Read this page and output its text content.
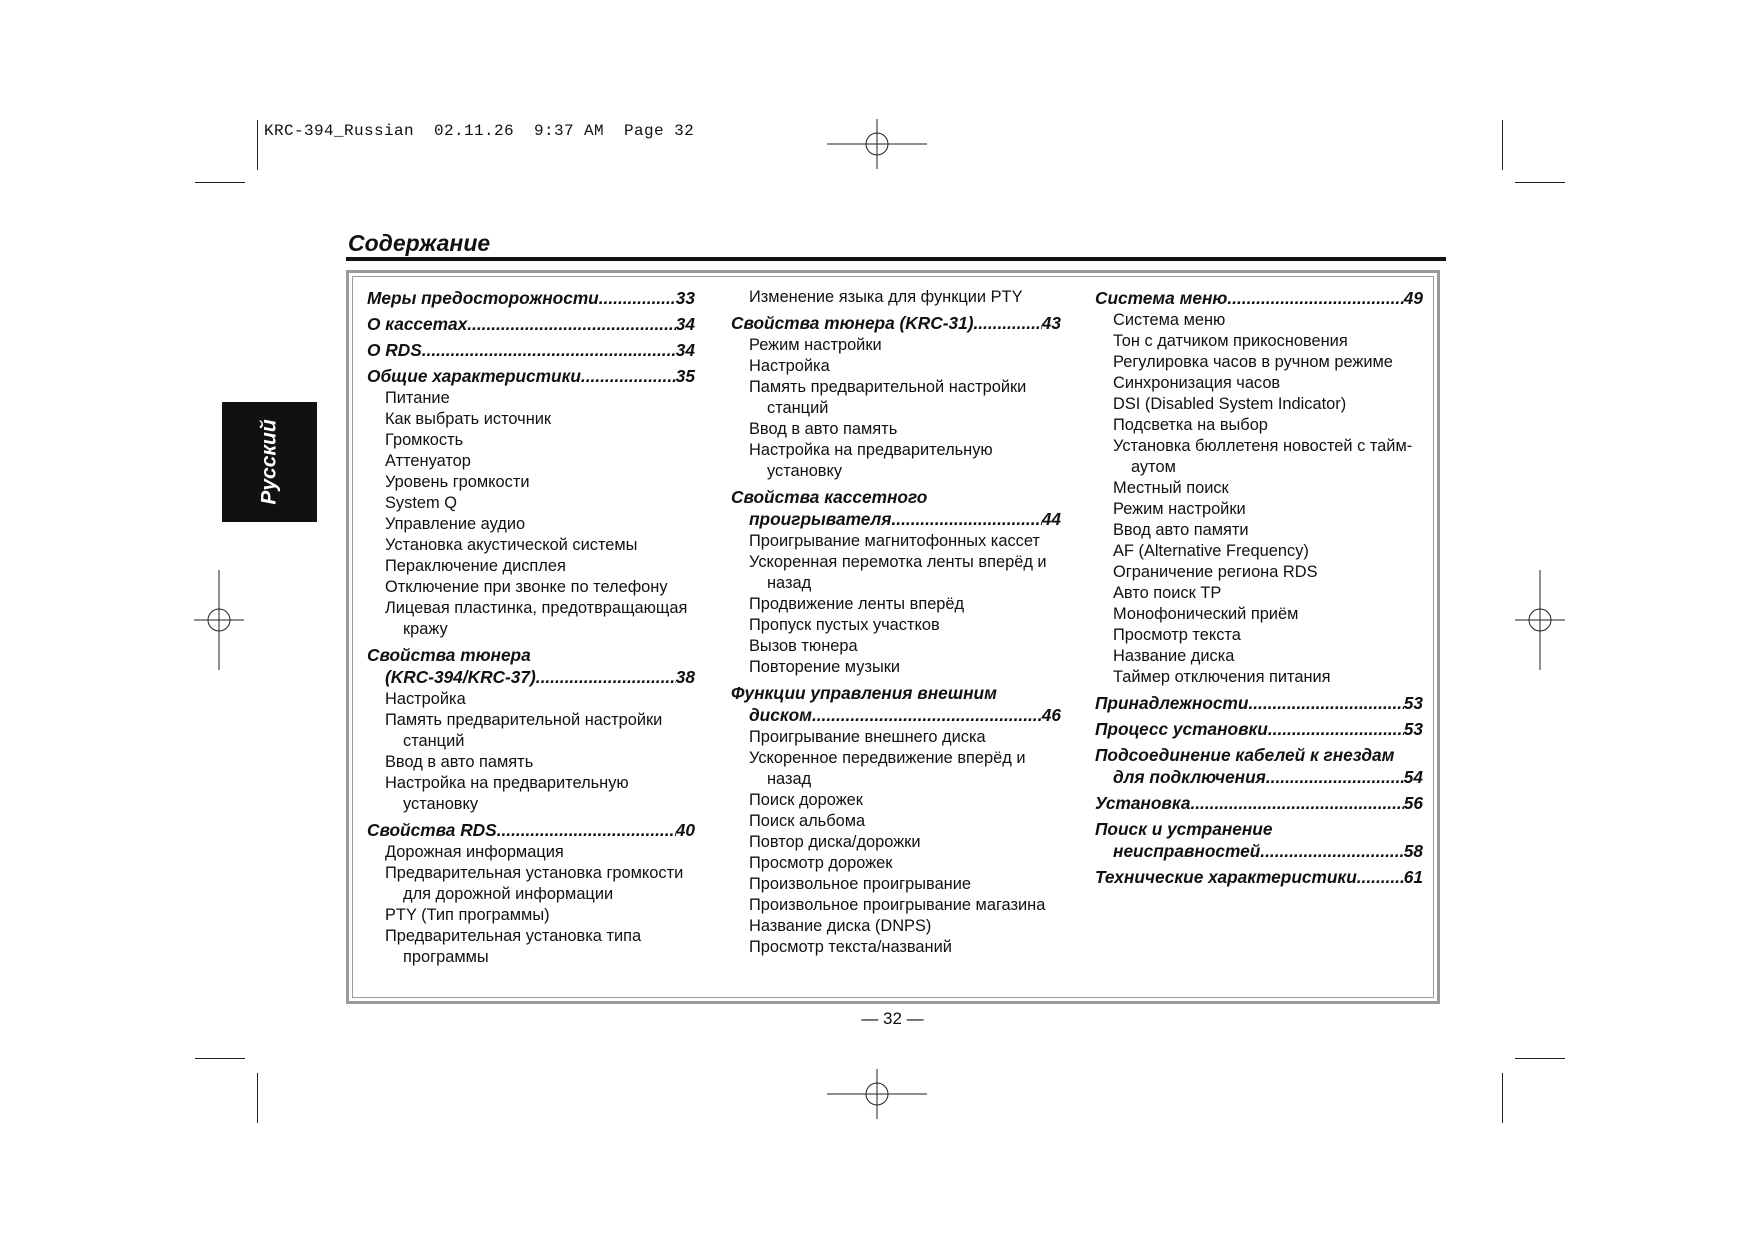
KRC-394_Russian  02.11.26  9:37 AM  Page 32
Содержание
Русский
Меры предосторожности .....	33
О кассетах .....	34
О RDS .....	34
Общие характеристики .....	35
Питание
Как выбрать источник
Громкость
Аттенуатор
Уровень громкости
System Q
Управление аудио
Установка акустической системы
Пераключение дисплея
Отключение при звонке по телефону
Лицевая пластинка, предотвращающая кражу
Свойства тюнера
(KRC-394/KRC-37) .....	38
Настройка
Память предварительной настройки станций
Ввод в авто память
Настройка на предварительную установку
Свойства RDS .....	40
Дорожная информация
Предварительная установка громкости для дорожной информации
PTY (Тип программы)
Предварительная установка типа программы
Изменение языка для функции PTY
Свойства тюнера (KRC-31) .....	43
Режим настройки
Настройка
Память предварительной настройки станций
Ввод в авто память
Настройка на предварительную установку
Свойства кассетного
проигрывателя .....	44
Проигрывание магнитофонных кассет
Ускоренная перемотка ленты вперёд и назад
Продвижение ленты вперёд
Пропуск пустых участков
Вызов тюнера
Повторение музыки
Функции управления внешним
диском .....	46
Проигрывание внешнего диска
Ускоренное передвижение вперёд и назад
Поиск дорожек
Поиск альбома
Повтор диска/дорожки
Просмотр дорожек
Произвольное проигрывание
Произвольное проигрывание магазина
Название диска (DNPS)
Просмотр текста/названий
Система меню .....	49
Система меню
Тон с датчиком прикосновения
Регулировка часов в ручном режиме
Синхронизация часов
DSI (Disabled System Indicator)
Подсветка на выбор
Установка бюллетеня новостей с тайм-аутом
Местный поиск
Режим настройки
Ввод авто памяти
AF (Alternative Frequency)
Ограничение региона RDS
Авто поиск TP
Монофонический приём
Просмотр текста
Название диска
Таймер отключения питания
Принадлежности .....	53
Процесс установки .....	53
Подсоединение кабелей к гнездам
для подключения .....	54
Установка .....	56
Поиск и устранение
неисправностей .....	58
Технические характеристики .....	61
— 32 —
